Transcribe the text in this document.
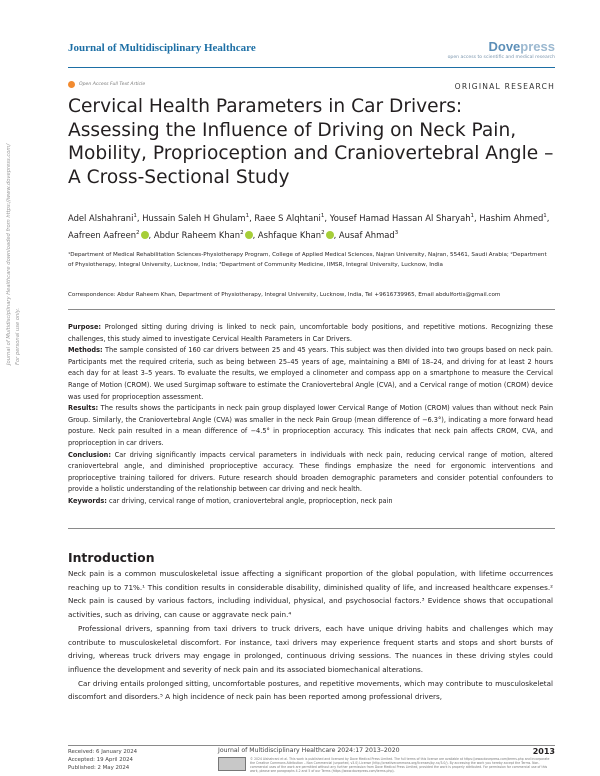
Journal of Multidisciplinary Healthcare downloaded from https://www.dovepress.com/ For personal use only.
Journal of Multidisciplinary Healthcare	Dovepress
open access to scientific and medical research
Open Access Full Text Article	ORIGINAL RESEARCH
Cervical Health Parameters in Car Drivers: Assessing the Influence of Driving on Neck Pain, Mobility, Proprioception and Craniovertebral Angle – A Cross-Sectional Study
Adel Alshahrani$^1$, Hussain Saleh H Ghulam$^1$, Raee S Alqhtani$^1$, Yousef Hamad Hassan Al Sharyah$^1$, Hashim Ahmed$^1$, Aafreen Aafreen$^2$ , Abdur Raheem Khan$^2$ , Ashfaque Khan$^2$ , Ausaf Ahmad$^3$
¹Department of Medical Rehabilitation Sciences-Physiotherapy Program, College of Applied Medical Sciences, Najran University, Najran, 55461, Saudi Arabia; ²Department of Physiotherapy, Integral University, Lucknow, India; ³Department of Community Medicine, IIMSR, Integral University, Lucknow, India
Correspondence: Abdur Raheem Khan, Department of Physiotherapy, Integral University, Lucknow, India, Tel +9616739965, Email abdulfortis@gmail.com

Purpose: Prolonged sitting during driving is linked to neck pain, uncomfortable body positions, and repetitive motions. Recognizing these challenges, this study aimed to investigate Cervical Health Parameters in Car Drivers.

Methods: The sample consisted of 160 car drivers between 25 and 45 years. This subject was then divided into two groups based on neck pain. Participants met the required criteria, such as being between 25–45 years of age, maintaining a BMI of 18–24, and driving for at least 2 hours each day for at least 3–5 years. To evaluate the results, we employed a clinometer and compass app on a smartphone to measure the Cervical Range of Motion (CROM). We used Surgimap software to estimate the Craniovertebral Angle (CVA), and a Cervical range of motion (CROM) device was used for proprioception assessment.

Results: The results shows the participants in neck pain group displayed lower Cervical Range of Motion (CROM) values than without neck Pain Group. Similarly, the Craniovertebral Angle (CVA) was smaller in the neck Pain Group (mean difference of −6.3°), indicating a more forward head posture. Neck pain resulted in a mean difference of −4.5° in proprioception accuracy. This indicates that neck pain affects CROM, CVA, and proprioception in car drivers.

Conclusion: Car driving significantly impacts cervical parameters in individuals with neck pain, reducing cervical range of motion, altered craniovertebral angle, and diminished proprioceptive accuracy. These findings emphasize the need for ergonomic interventions and proprioceptive training tailored for drivers. Future research should broaden demographic parameters and consider potential confounders to provide a holistic understanding of the relationship between car driving and neck health.

Keywords: car driving, cervical range of motion, craniovertebral angle, proprioception, neck pain

Introduction

Neck pain is a common musculoskeletal issue affecting a significant proportion of the global population, with lifetime occurrences reaching up to 71%.¹ This condition results in considerable disability, diminished quality of life, and increased healthcare expenses.² Neck pain is caused by various factors, including individual, physical, and psychosocial factors.³ Evidence shows that occupational activities, such as driving, can cause or aggravate neck pain.⁴

Professional drivers, spanning from taxi drivers to truck drivers, each have unique driving habits and challenges which may contribute to musculoskeletal discomfort. For instance, taxi drivers may experience frequent starts and stops and short bursts of driving, whereas truck drivers may engage in prolonged, continuous driving sessions. The nuances in these driving styles could influence the development and severity of neck pain and its associated biomechanical alterations.

Car driving entails prolonged sitting, uncomfortable postures, and repetitive movements, which may contribute to musculoskeletal discomfort and disorders.⁵ A high incidence of neck pain has been reported among professional drivers,

Received: 6 January 2024
Accepted: 19 April 2024
Published: 2 May 2024
Journal of Multidisciplinary Healthcare 2024:17 2013–2020	2013
© 2024 Alshahrani et al. This work is published and licensed by Dove Medical Press Limited. The full terms of this license are available at https://www.dovepress.com/terms.php and incorporate the Creative Commons Attribution – Non Commercial (unported, v3.0) License (http://creativecommons.org/licenses/by-nc/3.0/). By accessing the work you hereby accept the Terms. Non-commercial uses of the work are permitted without any further permission from Dove Medical Press Limited, provided the work is properly attributed. For permission for commercial use of this work, please see paragraphs 4.2 and 5 of our Terms (https://www.dovepress.com/terms.php).
